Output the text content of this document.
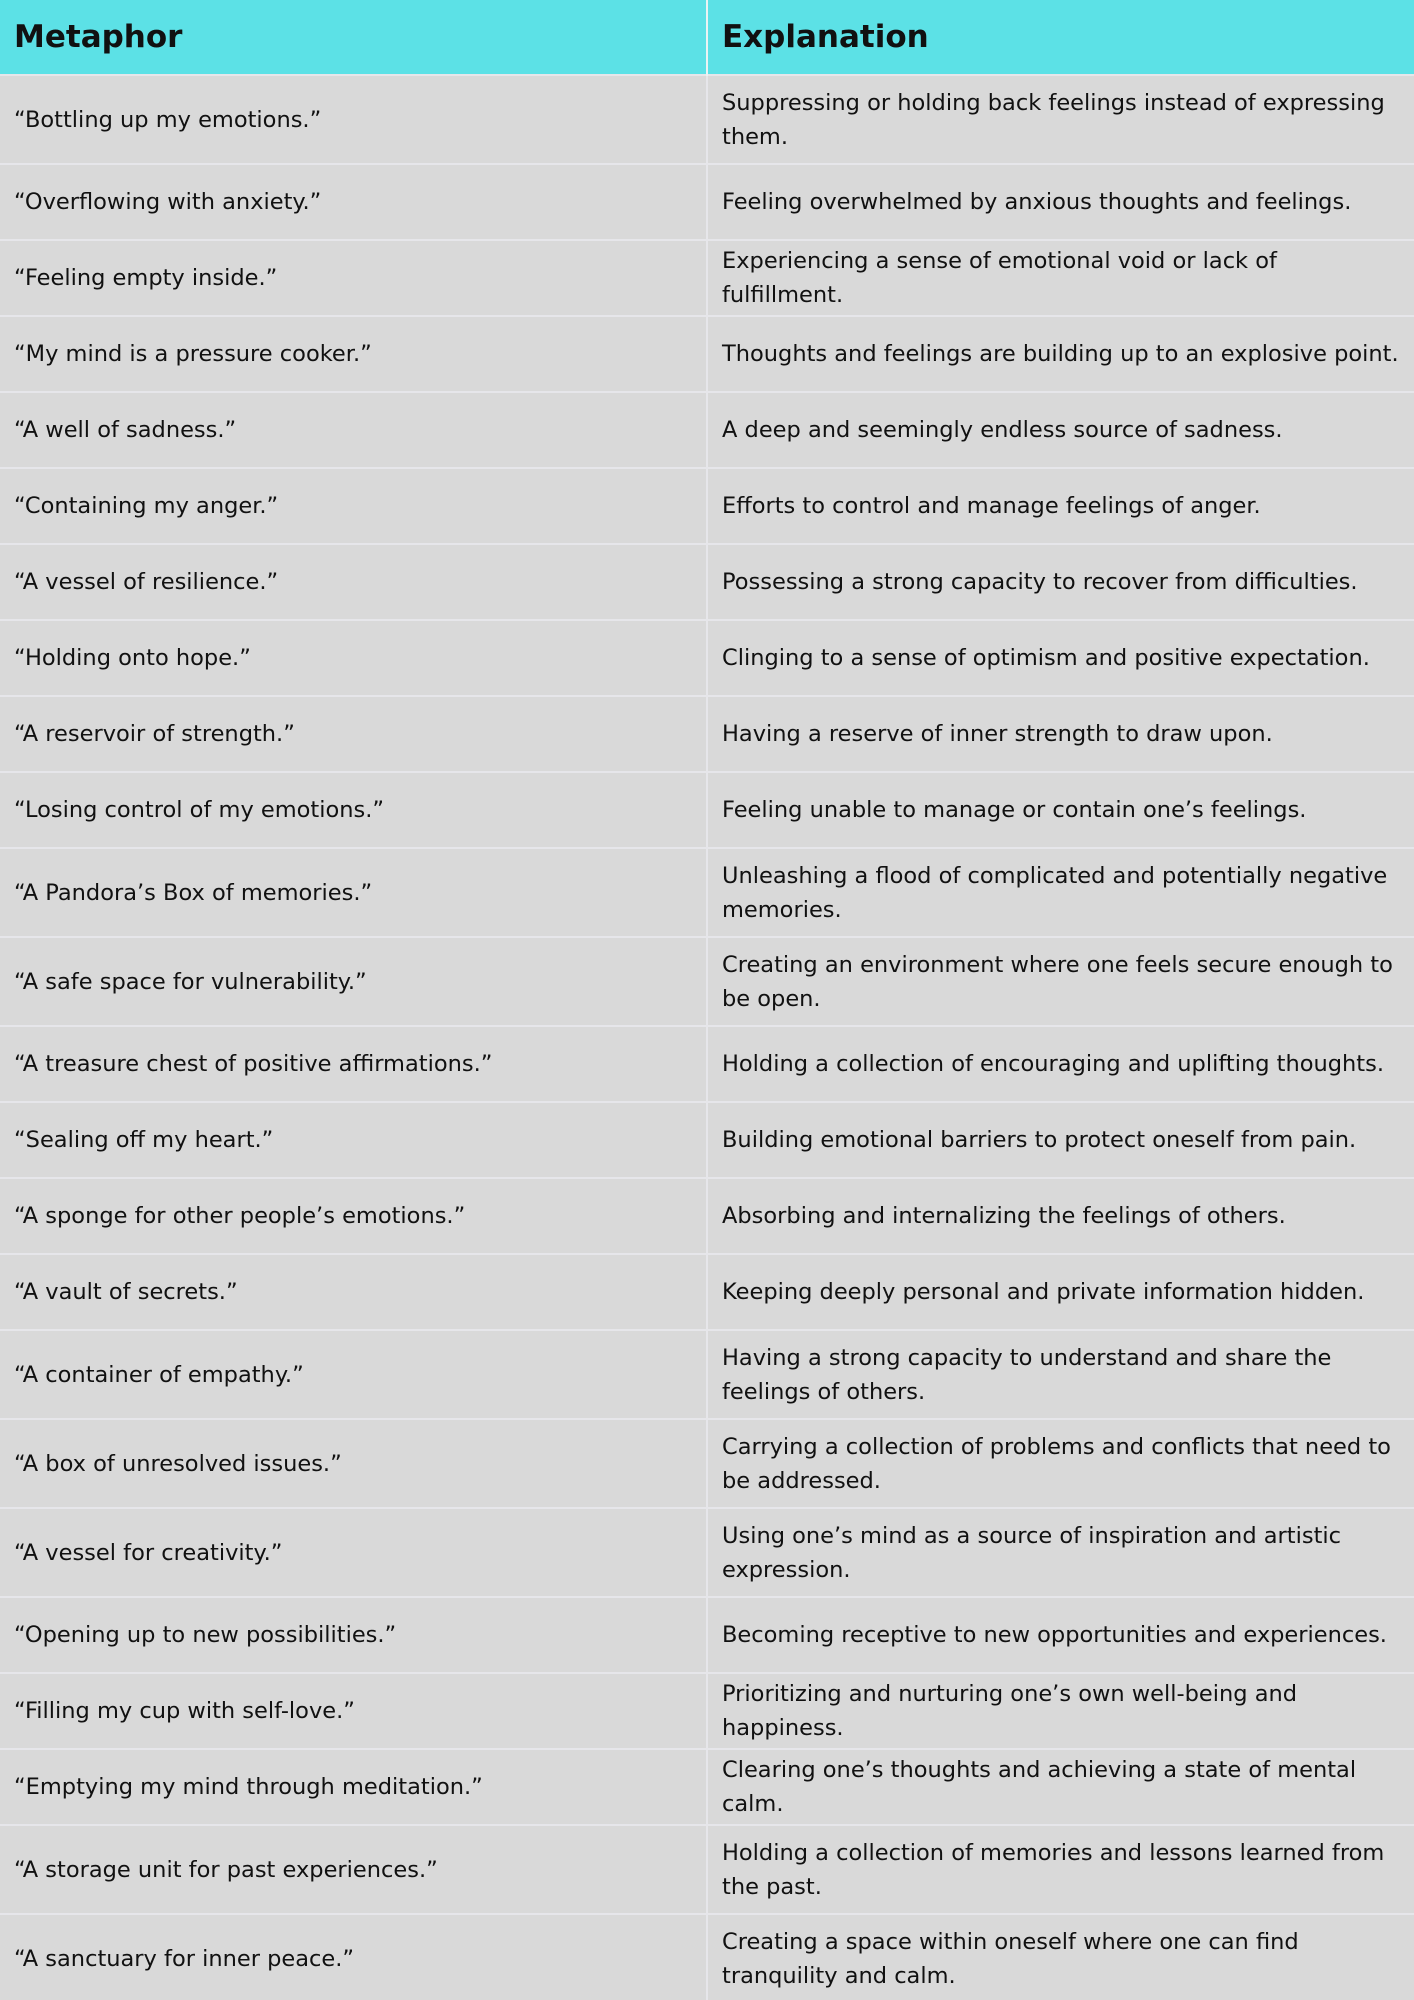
Metaphor	Explanation
“Bottling up my emotions.”	Suppressing or holding back feelings instead of expressing them.
“Overflowing with anxiety.”	Feeling overwhelmed by anxious thoughts and feelings.
“Feeling empty inside.”	Experiencing a sense of emotional void or lack of fulfillment.
“My mind is a pressure cooker.”	Thoughts and feelings are building up to an explosive point.
“A well of sadness.”	A deep and seemingly endless source of sadness.
“Containing my anger.”	Efforts to control and manage feelings of anger.
“A vessel of resilience.”	Possessing a strong capacity to recover from difficulties.
“Holding onto hope.”	Clinging to a sense of optimism and positive expectation.
“A reservoir of strength.”	Having a reserve of inner strength to draw upon.
“Losing control of my emotions.”	Feeling unable to manage or contain one’s feelings.
“A Pandora’s Box of memories.”	Unleashing a flood of complicated and potentially negative memories.
“A safe space for vulnerability.”	Creating an environment where one feels secure enough to be open.
“A treasure chest of positive affirmations.”	Holding a collection of encouraging and uplifting thoughts.
“Sealing off my heart.”	Building emotional barriers to protect oneself from pain.
“A sponge for other people’s emotions.”	Absorbing and internalizing the feelings of others.
“A vault of secrets.”	Keeping deeply personal and private information hidden.
“A container of empathy.”	Having a strong capacity to understand and share the feelings of others.
“A box of unresolved issues.”	Carrying a collection of problems and conflicts that need to be addressed.
“A vessel for creativity.”	Using one’s mind as a source of inspiration and artistic expression.
“Opening up to new possibilities.”	Becoming receptive to new opportunities and experiences.
“Filling my cup with self-love.”	Prioritizing and nurturing one’s own well-being and happiness.
“Emptying my mind through meditation.”	Clearing one’s thoughts and achieving a state of mental calm.
“A storage unit for past experiences.”	Holding a collection of memories and lessons learned from the past.
“A sanctuary for inner peace.”	Creating a space within oneself where one can find tranquility and calm.
